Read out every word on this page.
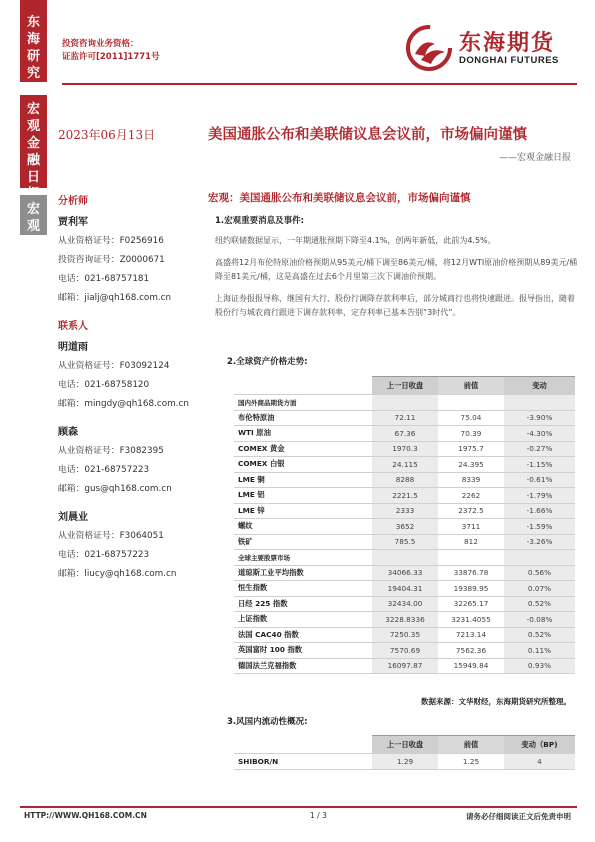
东
海
研
究
宏
观
金
融
日
宏
观
投资咨询业务资格：
证监许可[2011]1771号
东海期货
DONGHAI FUTURES
2023年06月13日	美国通胀公布和美联储议息会议前，市场偏向谨慎
——宏观金融日报
分析师
贾利军
从业资格证号：F0256916
投资咨询证号：Z0000671
电话：021-68757181
邮箱：jialj@qh168.com.cn
联系人
明道雨
从业资格证号：F03092124
电话：021-68758120
邮箱：mingdy@qh168.com.cn
顾森
从业资格证号：F3082395
电话：021-68757223
邮箱：gus@qh168.com.cn
刘晨业
从业资格证号：F3064051
电话：021-68757223
邮箱：liucy@qh168.com.cn
宏观：美国通胀公布和美联储议息会议前，市场偏向谨慎
1.宏观重要消息及事件:
纽约联储数据显示，一年期通胀预期下降至4.1%，创两年新低，此前为4.5%。
高盛将12月布伦特原油价格预期从95美元/桶下调至86美元/桶，将12月WTI原油价格预期从89美元/桶降至81美元/桶，这是高盛在过去6个月里第三次下调油价预期。
上海证券报报导称，继国有大行、股份行调降存款利率后，部分城商行也将快速跟进。报导指出，随着股份行与城农商行跟进下调存款利率，定存利率已基本告别“3时代”。
2.全球资产价格走势:
	上一日收盘	前值	变动
国内外商品期货方面			
布伦特原油	72.11	75.04	-3.90%
WTI 原油	67.36	70.39	-4.30%
COMEX 黄金	1970.3	1975.7	-0.27%
COMEX 白银	24.115	24.395	-1.15%
LME 铜	8288	8339	-0.61%
LME 铝	2221.5	2262	-1.79%
LME 锌	2333	2372.5	-1.66%
螺纹	3652	3711	-1.59%
铁矿	785.5	812	-3.26%
全球主要股票市场			
道琼斯工业平均指数	34066.33	33876.78	0.56%
恒生指数	19404.31	19389.95	0.07%
日经 225 指数	32434.00	32265.17	0.52%
上证指数	3228.8336	3231.4055	-0.08%
法国 CAC40 指数	7250.35	7213.14	0.52%
英国富时 100 指数	7570.69	7562.36	0.11%
德国法兰克福指数	16097.87	15949.84	0.93%
数据来源：文华财经，东海期货研究所整理。
3.风国内流动性概况:
	上一日收盘	前值	变动（BP)
SHIBOR/N	1.29	1.25	4
HTTP://WWW.QH168.COM.CN	1 / 3	请务必仔细阅读正文后免责申明
